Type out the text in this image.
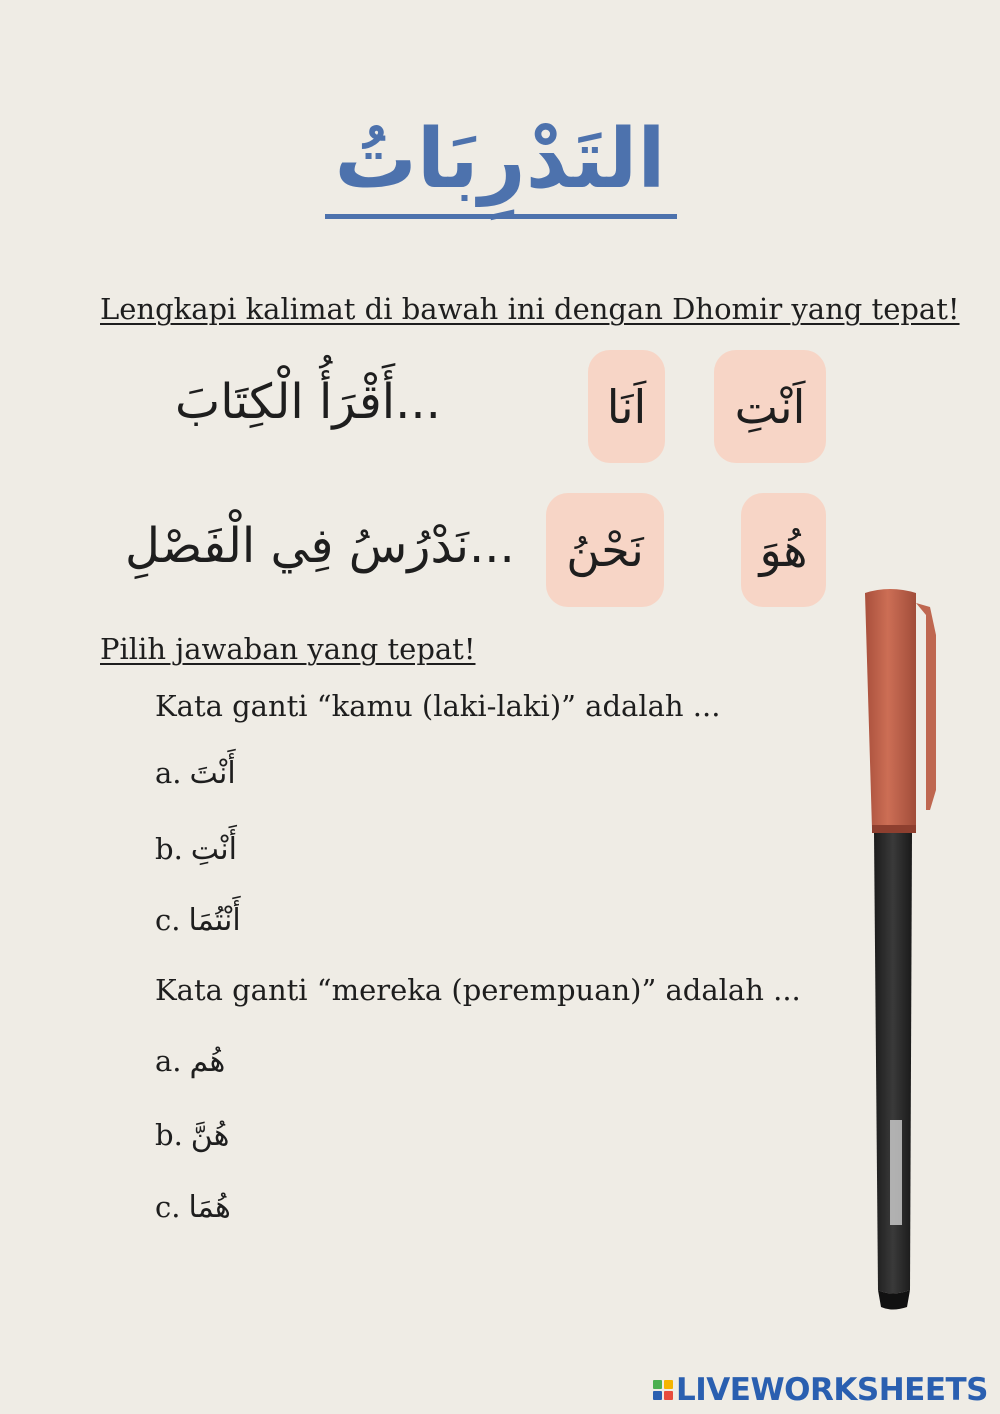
التَدْرِبَاتُ
Lengkapi kalimat di bawah ini dengan Dhomir yang tepat!
...أَقْرَأُ الْكِتَابَ	اَنْتِ
اَنَا
...نَدْرُسُ فِي الْفَصْلِ	هُوَ
نَحْنُ
Pilih jawaban yang tepat!
Kata ganti “kamu (laki-laki)” adalah ...
a. أَنْتَ
b. أَنْتِ
c. أَنْتُمَا
Kata ganti “mereka (perempuan)” adalah ...
a. هُم
b. هُنَّ
c. هُمَا
LIVEWORKSHEETS
